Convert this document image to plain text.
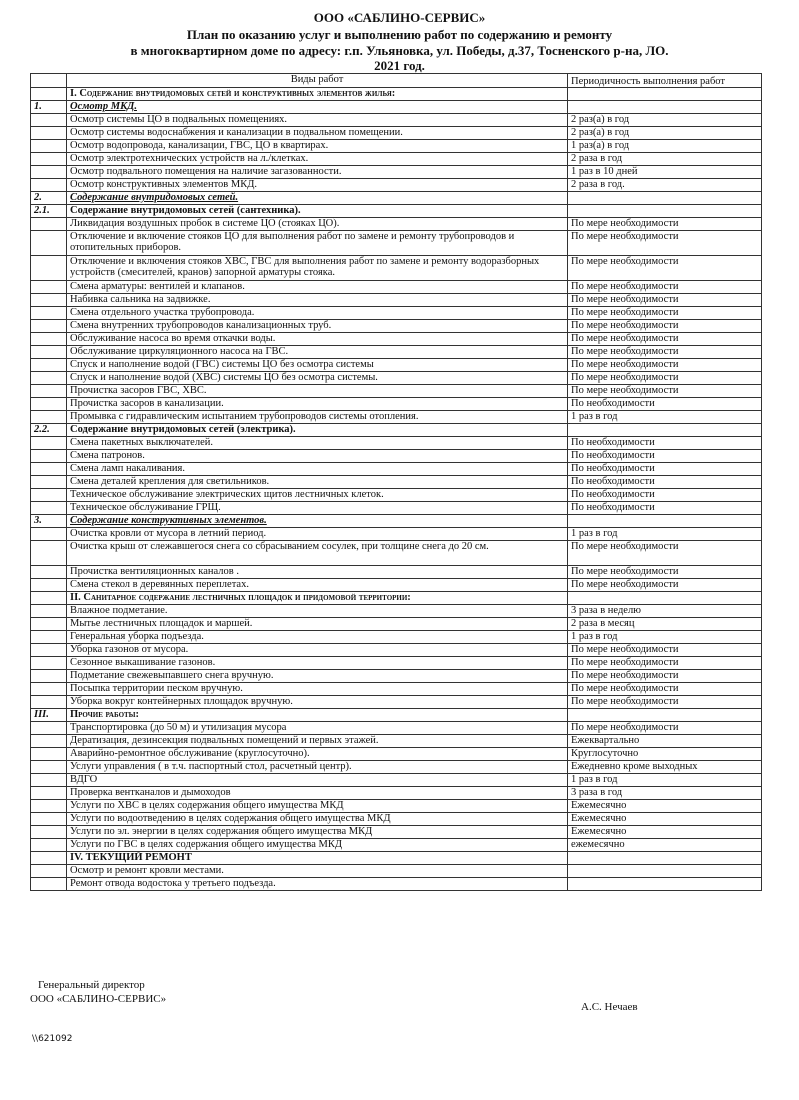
ООО «САБЛИНО-СЕРВИС»
План по оказанию услуг и выполнению работ по содержанию и ремонту
в многоквартирном доме по адресу: г.п. Ульяновка, ул. Победы, д.37, Тосненского р-на, ЛО.
2021 год.
	Виды работ	Периодичность выполнения работ
	I. Содержание внутридомовых сетей и конструктивных элементов жилья:	
1.	Осмотр МКД.	
	Осмотр системы ЦО в подвальных помещениях.	2 раз(а) в год
	Осмотр системы водоснабжения и канализации в подвальном помещении.	2 раз(а) в год
	Осмотр водопровода, канализации, ГВС, ЦО в квартирах.	1 раз(а) в год
	Осмотр электротехнических устройств на л./клетках.	2 раза в год
	Осмотр подвального помещения на наличие загазованности.	1 раз в 10 дней
	Осмотр конструктивных элементов МКД.	2 раза в год.
2.	Содержание внутридомовых сетей.	
2.1.	Содержание внутридомовых сетей (сантехника).	
	Ликвидация воздушных пробок в системе ЦО (стояках ЦО).	По мере необходимости
	Отключение и включение стояков ЦО для выполнения работ по замене и ремонту трубопроводов и отопительных приборов.	По мере необходимости
	Отключение и включения стояков ХВС, ГВС для выполнения работ по замене и ремонту водоразборных устройств (смесителей, кранов) запорной арматуры стояка.	По мере необходимости
	Смена арматуры: вентилей и клапанов.	По мере необходимости
	Набивка сальника на задвижке.	По мере необходимости
	Смена отдельного участка трубопровода.	По мере необходимости
	Смена внутренних трубопроводов канализационных труб.	По мере необходимости
	Обслуживание насоса во время откачки воды.	По мере необходимости
	Обслуживание циркуляционного насоса на ГВС.	По мере необходимости
	Спуск и наполнение водой (ГВС) системы ЦО без осмотра системы	По мере необходимости
	Спуск и наполнение водой (ХВС) системы ЦО без осмотра системы.	По мере необходимости
	Прочистка засоров ГВС, ХВС.	По мере необходимости
	Прочистка засоров в канализации.	По необходимости
	Промывка с гидравлическим испытанием трубопроводов системы отопления.	1 раз в год
2.2.	Содержание внутридомовых сетей (электрика).	
	Смена пакетных выключателей.	По необходимости
	Смена патронов.	По необходимости
	Смена ламп накаливания.	По необходимости
	Смена деталей крепления для светильников.	По необходимости
	Техническое обслуживание электрических щитов лестничных клеток.	По необходимости
	Техническое обслуживание ГРЩ.	По необходимости
3.	Содержание конструктивных элементов.	
	Очистка кровли от мусора в летний период.	1 раз в год
	Очистка крыш от слежавшегося снега со сбрасыванием сосулек, при толщине снега до 20 см.	По мере необходимости
	Прочистка вентиляционных каналов .	По мере необходимости
	Смена стекол в деревянных переплетах.	По мере необходимости
	II. Санитарное содержание лестничных площадок и придомовой территории:	
	Влажное подметание.	3 раза в неделю
	Мытье лестничных площадок и маршей.	2 раза в месяц
	Генеральная уборка подъезда.	1 раз в год
	Уборка газонов от мусора.	По мере необходимости
	Сезонное выкашивание газонов.	По мере необходимости
	Подметание свежевыпавшего снега вручную.	По мере необходимости
	Посыпка территории песком вручную.	По мере необходимости
	Уборка вокруг контейнерных площадок вручную.	По мере необходимости
III.	Прочие работы:	
	Транспортировка (до 50 м) и утилизация мусора	По мере необходимости
	Дератизация, дезинсекция подвальных помещений и первых этажей.	Ежеквартально
	Аварийно-ремонтное обслуживание (круглосуточно).	Круглосуточно
	Услуги управления ( в т.ч. паспортный стол, расчетный центр).	Ежедневно кроме выходных
	ВДГО	1 раз в год
	Проверка вентканалов и дымоходов	3 раза в год
	Услуги по ХВС в целях содержания общего имущества МКД	Ежемесячно
	Услуги по водоотведению в целях содержания общего имущества МКД	Ежемесячно
	Услуги по эл. энергии в целях содержания общего имущества МКД	Ежемесячно
	Услуги по ГВС в целях содержания общего имущества МКД	ежемесячно
	IV. ТЕКУЩИЙ РЕМОНТ	
	Осмотр и ремонт кровли местами.	
	Ремонт отвода водостока у третьего подъезда.	
Генеральный директор
ООО «САБЛИНО-СЕРВИС»
А.С. Нечаев
\\621092
